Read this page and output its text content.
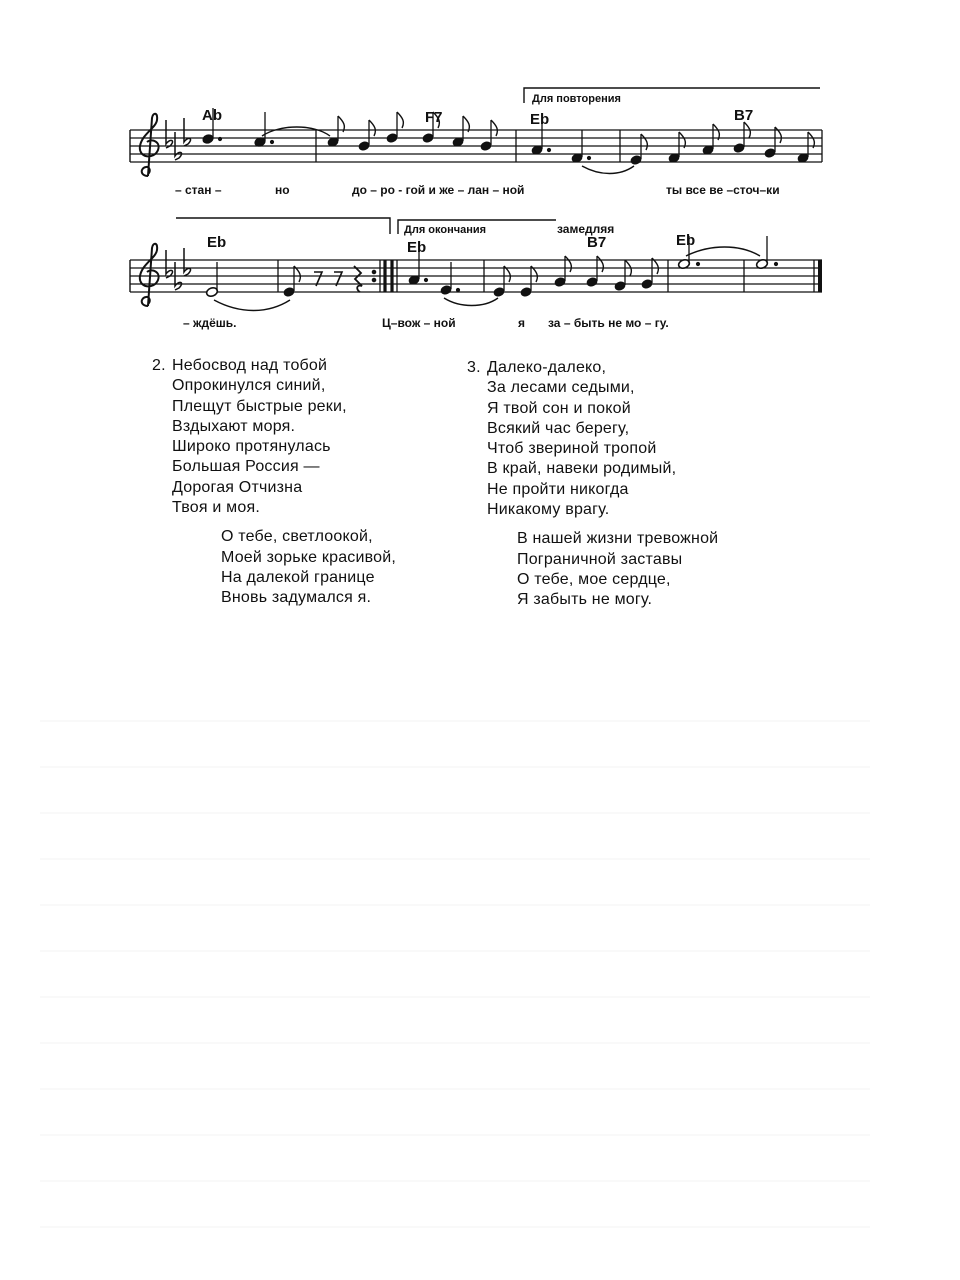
Для повторения
Ab	F7	Eb	B7
– стан –	но	до – ро - гой и же – лан – ной	ты все ве –сточ–ки
Для окончания	замедляя
Eb	Eb	B7	Eb
– ждёшь.	Ц–вож – ной	я за – быть не мо – гу.
2. Небосвод над тобой
Опрокинулся синий,
Плещут быстрые реки,
Вздыхают моря.
Широко протянулась
Большая Россия —
Дорогая Отчизна
Твоя и моя.
О тебе, светлоокой,
Моей зорьке красивой,
На далекой границе
Вновь задумался я.
3. Далеко-далеко,
За лесами седыми,
Я твой сон и покой
Всякий час берегу,
Чтоб звериной тропой
В край, навеки родимый,
Не пройти никогда
Никакому врагу.
В нашей жизни тревожной
Пограничной заставы
О тебе, мое сердце,
Я забыть не могу.
